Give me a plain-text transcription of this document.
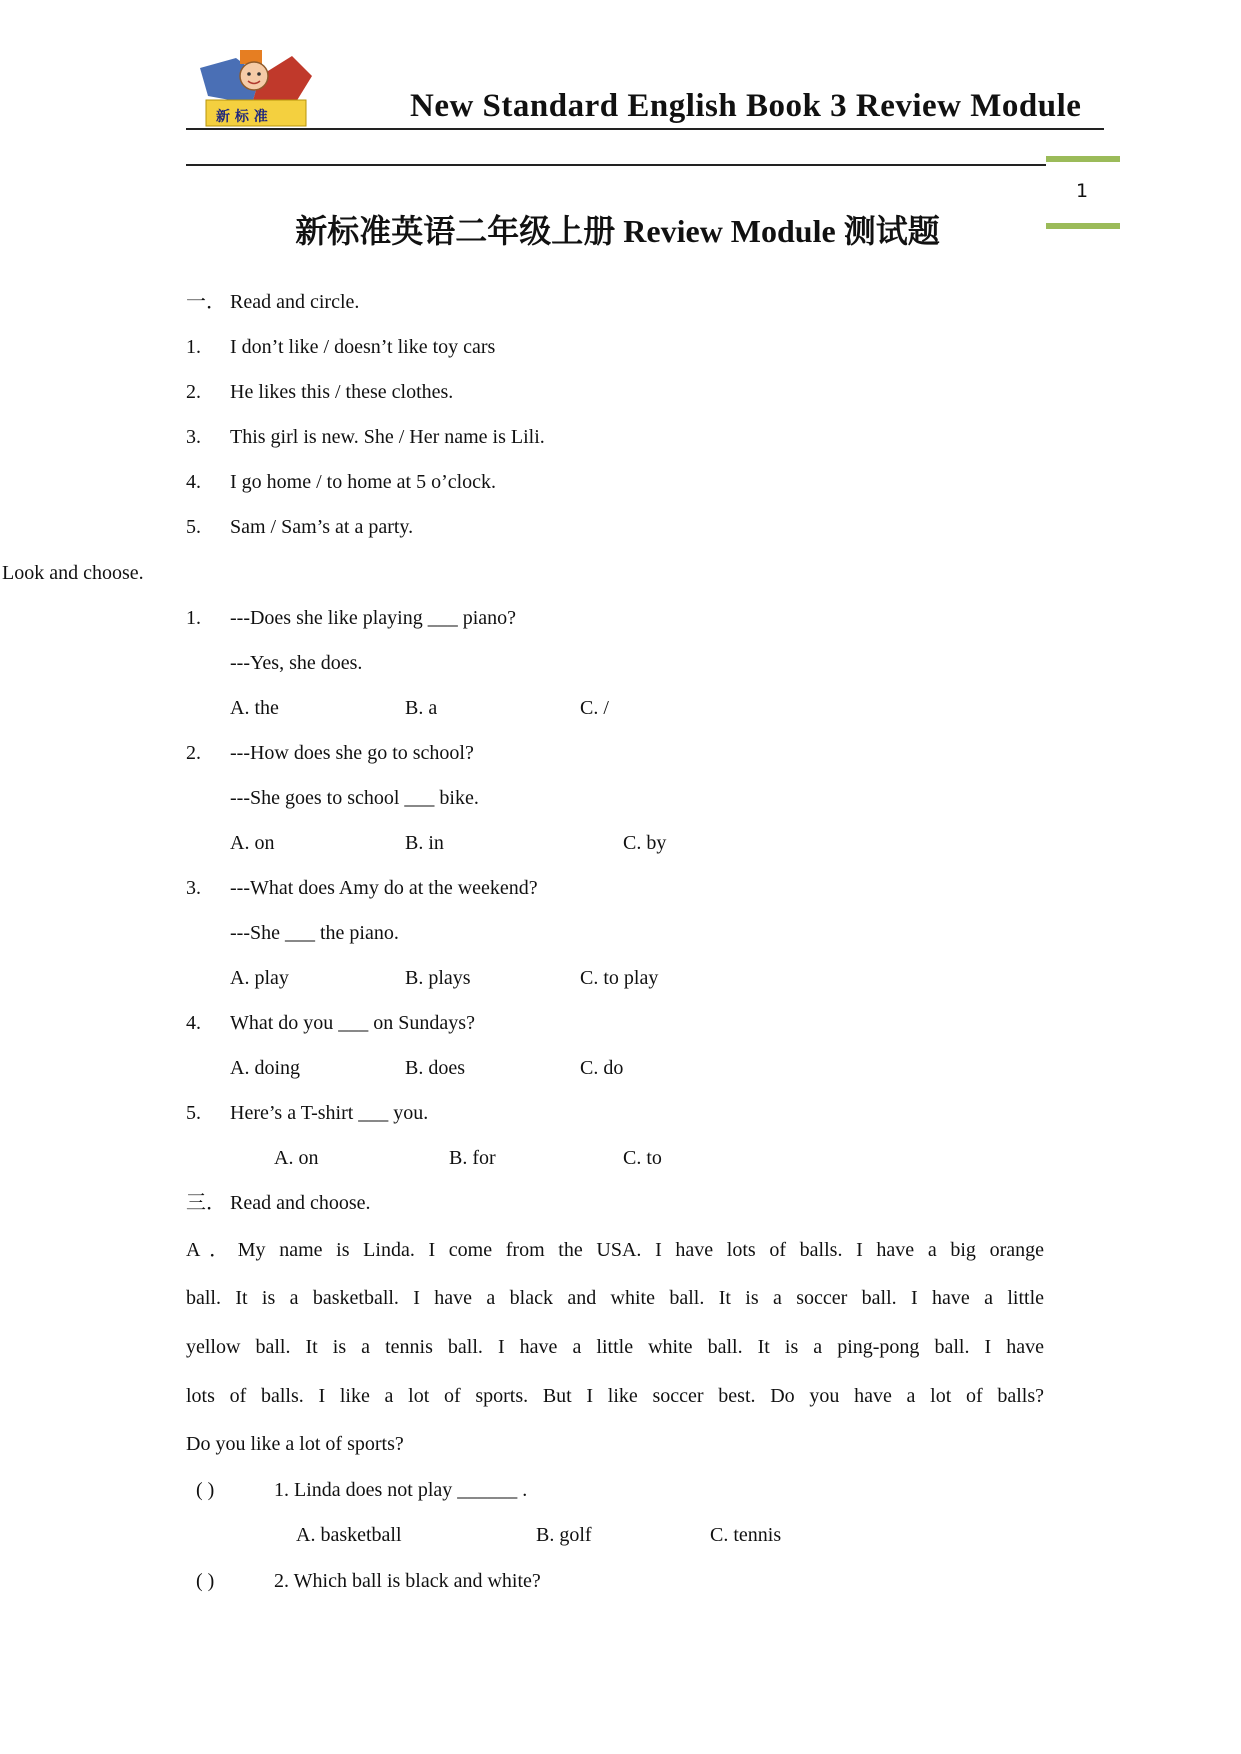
新 标 准	New Standard English Book 3 Review Module
1
新标准英语二年级上册 Review Module 测试题
一． Read and circle.
1. I don’t like / doesn’t like toy cars
2. He likes this / these clothes.
3. This girl is new. She / Her name is Lili.
4. I go home / to home at 5 o’clock.
5. Sam / Sam’s at a party.
Look and choose.
1. ---Does she like playing ___ piano?
---Yes, she does.
A. the	B. a	C. /
2. ---How does she go to school?
---She goes to school ___ bike.
A. on	B. in	C. by
3. ---What does Amy do at the weekend?
---She ___ the piano.
A. play	B. plays	C. to play
4. What do you ___ on Sundays?
A. doing	B. does	C. do
5. Here’s a T-shirt ___ you.
A. on	B. for	C. to
三． Read and choose.
A．My name is Linda. I come from the USA. I have lots of balls. I have a big orange
ball. It is a basketball. I have a black and white ball. It is a soccer ball. I have a little
yellow ball. It is a tennis ball. I have a little white ball. It is a ping-pong ball. I have
lots of balls. I like a lot of sports. But I like soccer best. Do you have a lot of balls?
Do you like a lot of sports?
( )	1. Linda does not play ______ .
A. basketball	B. golf	C. tennis
( )	2. Which ball is black and white?
